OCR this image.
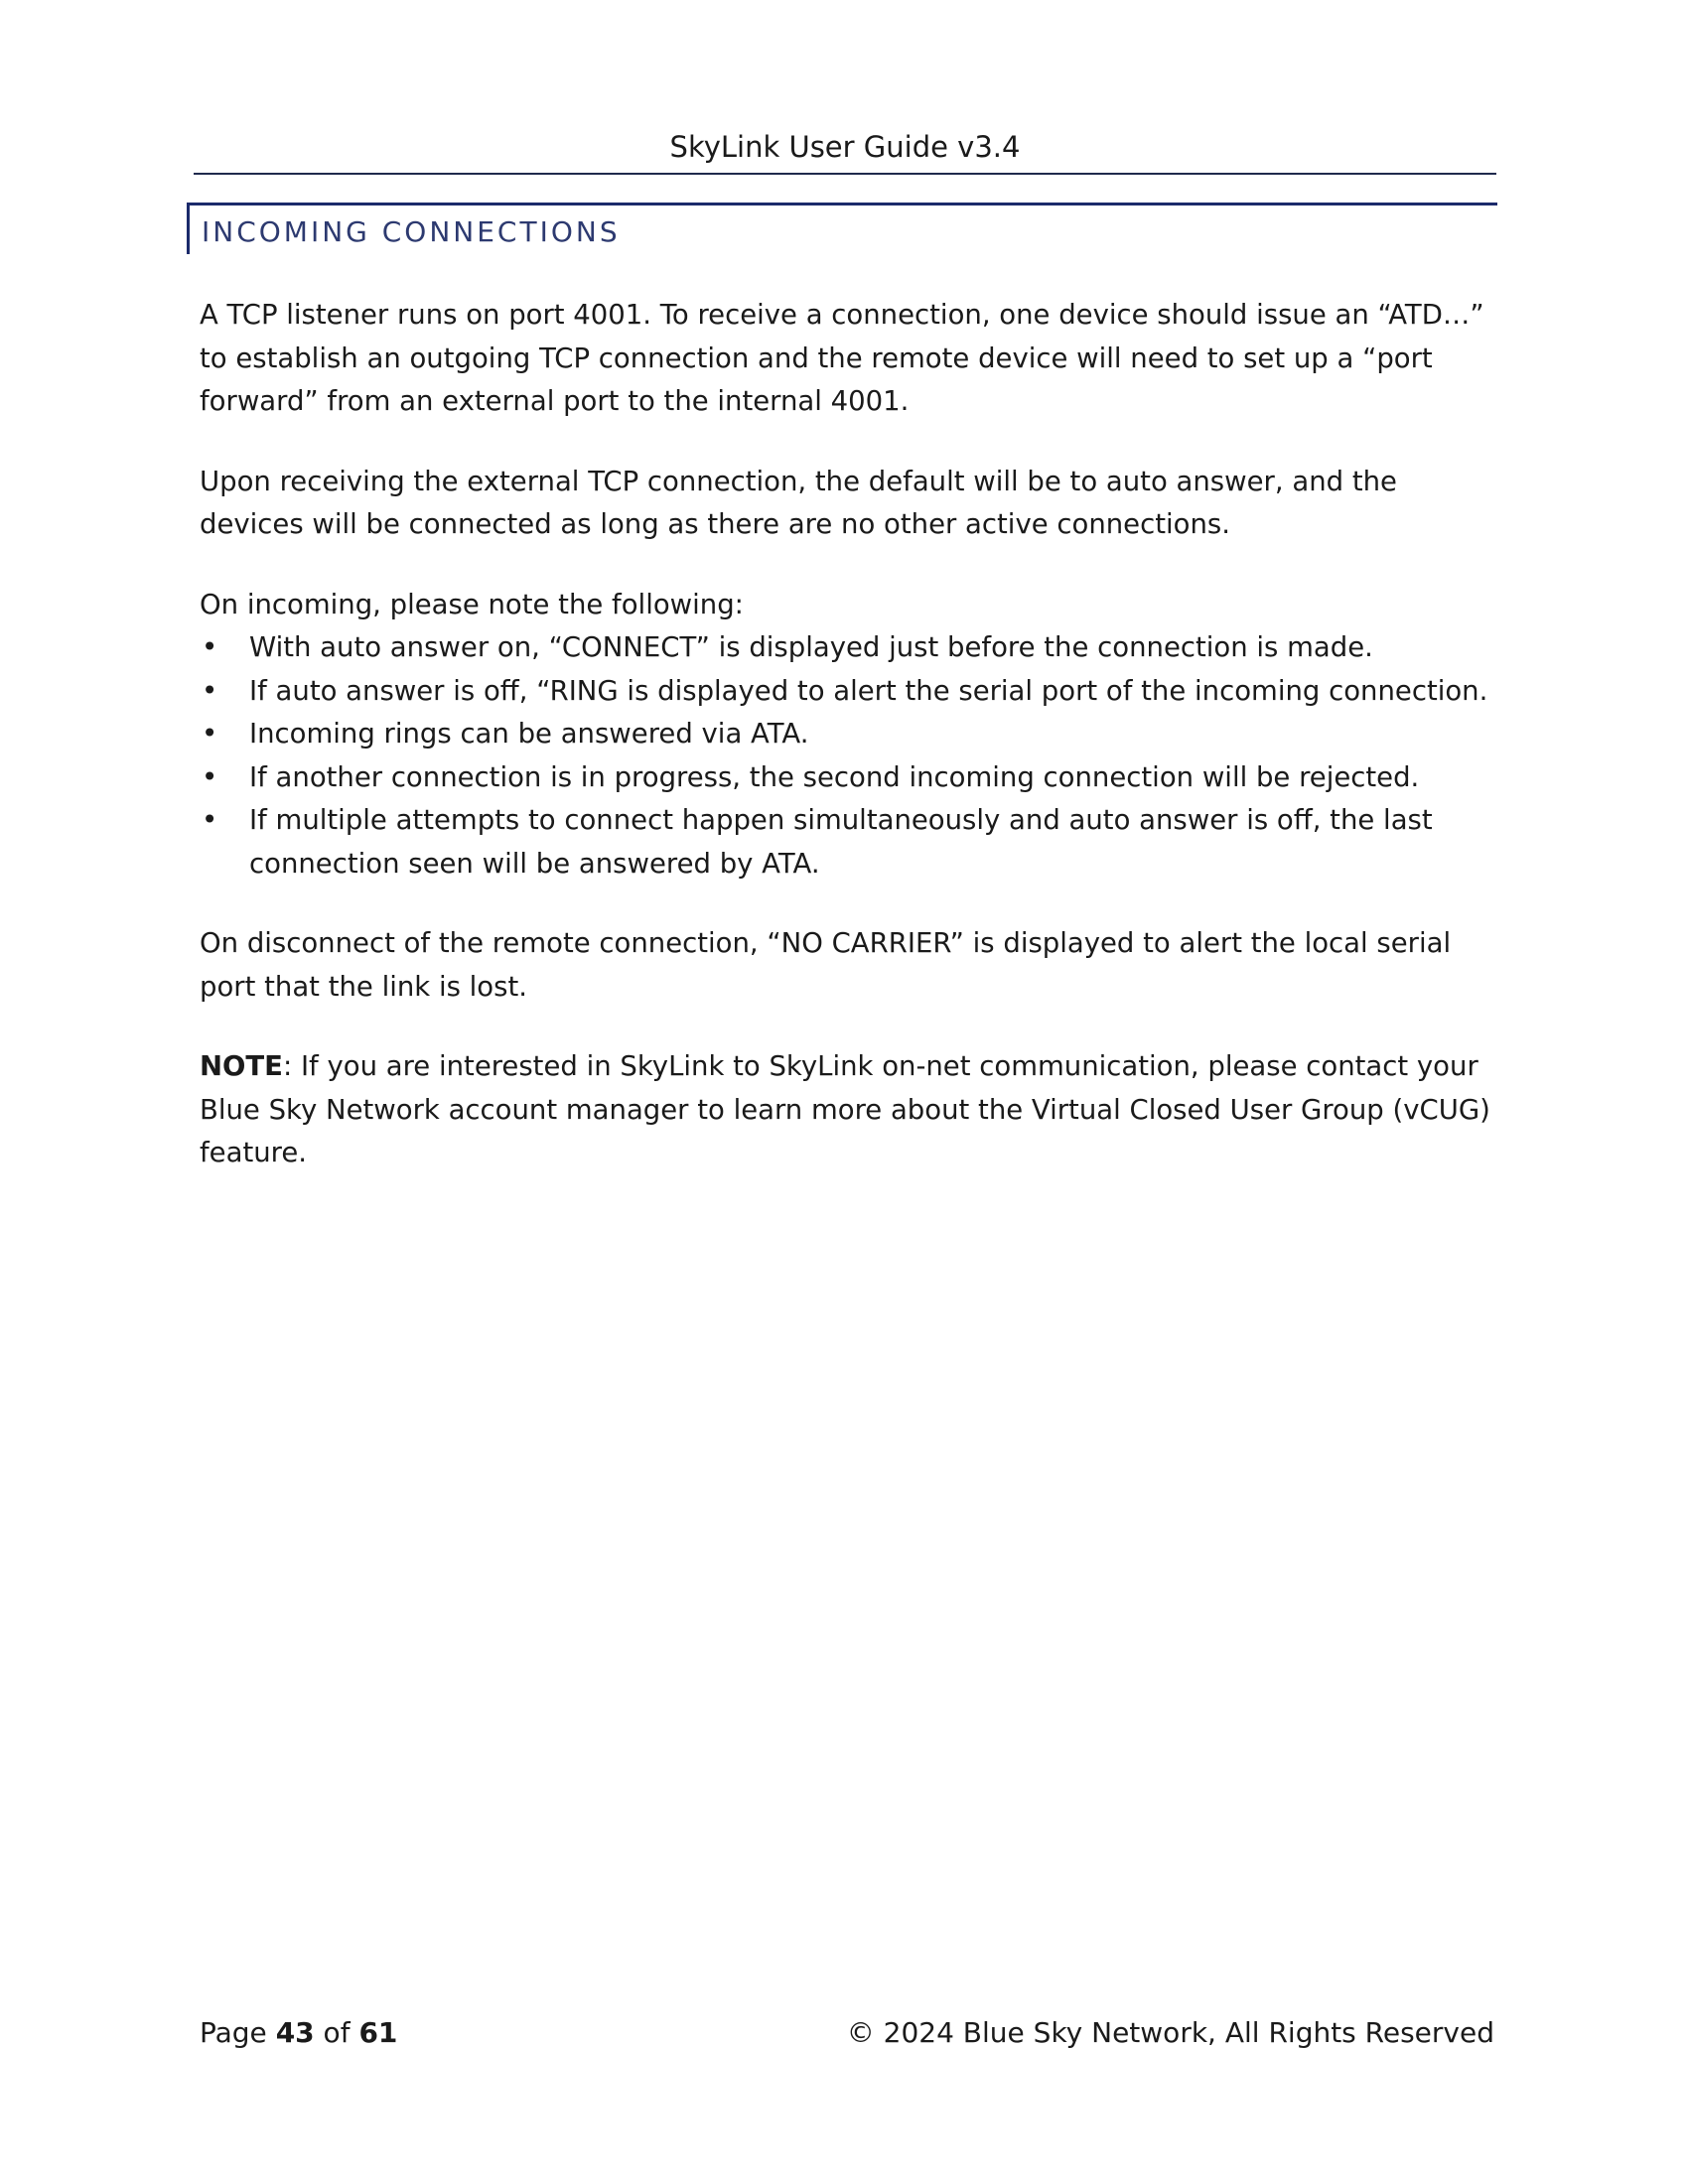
SkyLink User Guide v3.4
INCOMING CONNECTIONS

A TCP listener runs on port 4001. To receive a connection, one device should issue an “ATD…” to establish an outgoing TCP connection and the remote device will need to set up a “port forward” from an external port to the internal 4001.

Upon receiving the external TCP connection, the default will be to auto answer, and the devices will be connected as long as there are no other active connections.

On incoming, please note the following:

• With auto answer on, “CONNECT” is displayed just before the connection is made.
• If auto answer is off, “RING is displayed to alert the serial port of the incoming connection.
• Incoming rings can be answered via ATA.
• If another connection is in progress, the second incoming connection will be rejected.
• If multiple attempts to connect happen simultaneously and auto answer is off, the last connection seen will be answered by ATA.

On disconnect of the remote connection, “NO CARRIER” is displayed to alert the local serial port that the link is lost.

NOTE: If you are interested in SkyLink to SkyLink on-net communication, please contact your Blue Sky Network account manager to learn more about the Virtual Closed User Group (vCUG) feature.

Page 43 of 61	© 2024 Blue Sky Network, All Rights Reserved
